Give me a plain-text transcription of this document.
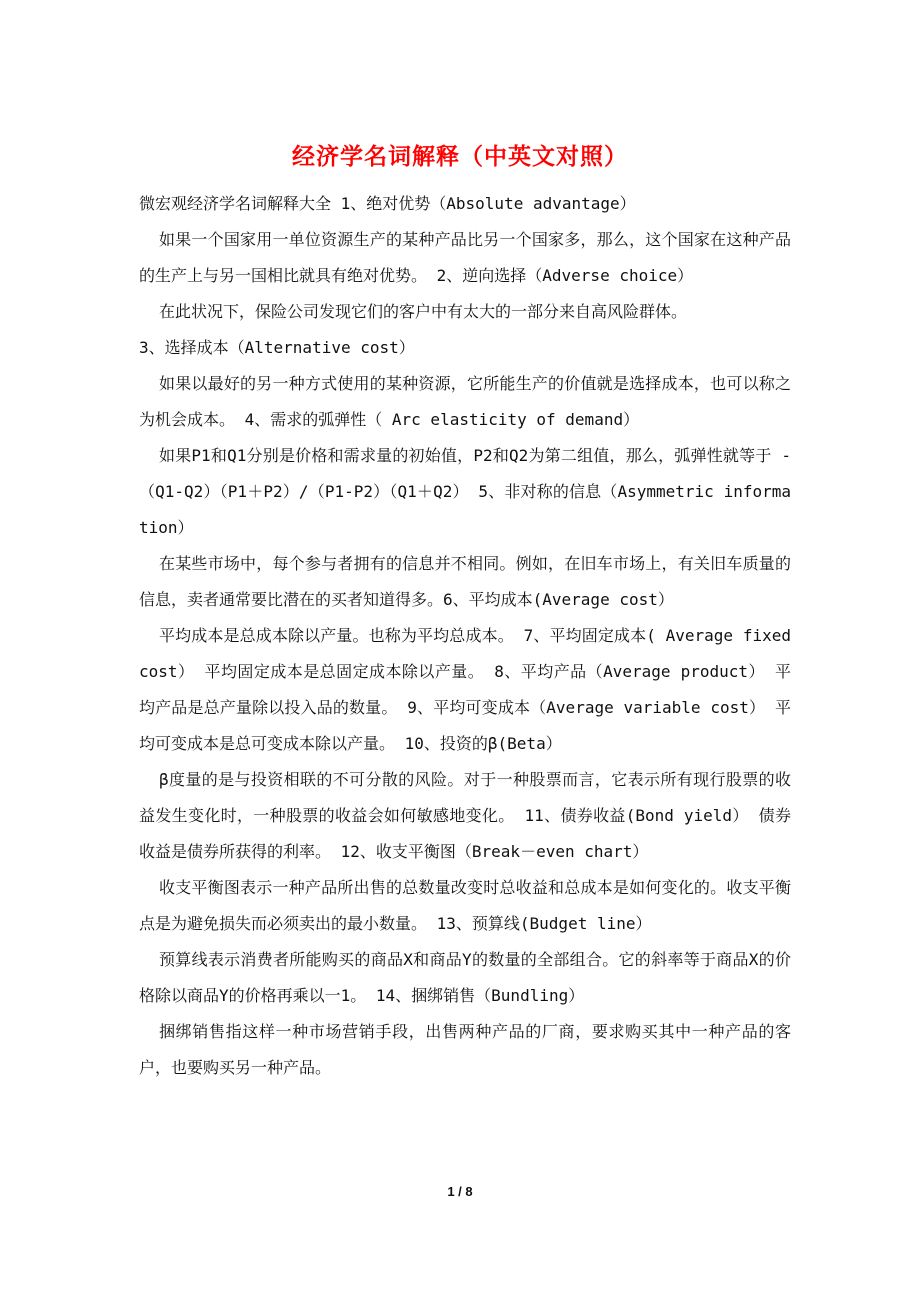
经济学名词解释（中英文对照）

微宏观经济学名词解释大全 1、绝对优势（Absolute advantage）

如果一个国家用一单位资源生产的某种产品比另一个国家多，那么，这个国家在这种产品的生产上与另一国相比就具有绝对优势。 2、逆向选择（Adverse choice）

在此状况下，保险公司发现它们的客户中有太大的一部分来自高风险群体。

3、选择成本（Alternative cost）

如果以最好的另一种方式使用的某种资源，它所能生产的价值就是选择成本，也可以称之为机会成本。 4、需求的弧弹性（ Arc elasticity of demand）

如果P1和Q1分别是价格和需求量的初始值，P2和Q2为第二组值，那么，弧弹性就等于 -（Q1-Q2）（P1＋P2）/（P1-P2）（Q1＋Q2） 5、非对称的信息（Asymmetric information）

在某些市场中，每个参与者拥有的信息并不相同。例如，在旧车市场上，有关旧车质量的信息，卖者通常要比潜在的买者知道得多。6、平均成本(Average cost）

平均成本是总成本除以产量。也称为平均总成本。 7、平均固定成本( Average fixed cost） 平均固定成本是总固定成本除以产量。 8、平均产品（Average product） 平均产品是总产量除以投入品的数量。 9、平均可变成本（Average variable cost） 平均可变成本是总可变成本除以产量。 10、投资的β(Beta）

β度量的是与投资相联的不可分散的风险。对于一种股票而言，它表示所有现行股票的收益发生变化时，一种股票的收益会如何敏感地变化。 11、债券收益(Bond yield） 债券收益是债券所获得的利率。 12、收支平衡图（Break－even chart）

收支平衡图表示一种产品所出售的总数量改变时总收益和总成本是如何变化的。收支平衡点是为避免损失而必须卖出的最小数量。 13、预算线(Budget line）

预算线表示消费者所能购买的商品X和商品Y的数量的全部组合。它的斜率等于商品X的价格除以商品Y的价格再乘以一1。 14、捆绑销售（Bundling）

捆绑销售指这样一种市场营销手段，出售两种产品的厂商，要求购买其中一种产品的客户，也要购买另一种产品。

1 / 8
